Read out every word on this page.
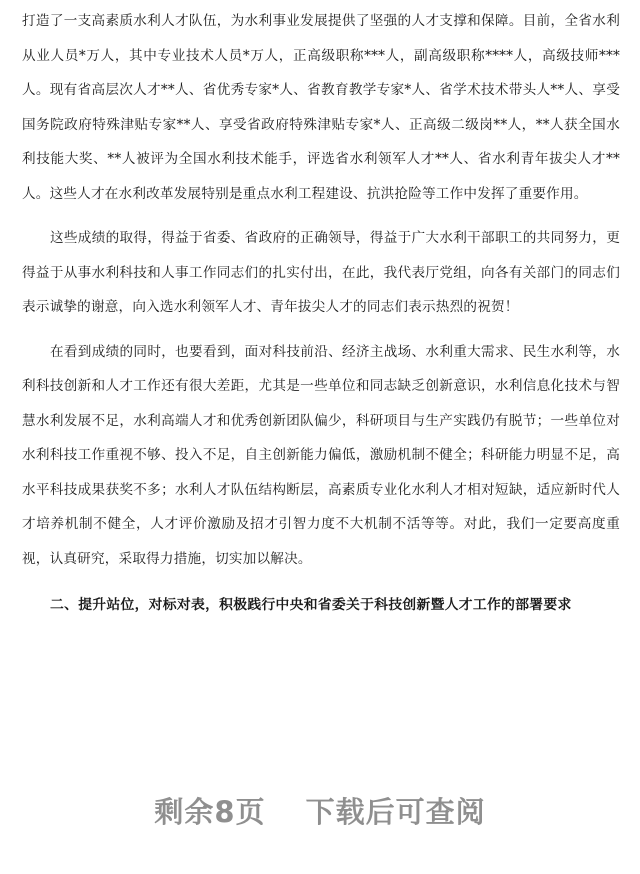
打造了一支高素质水利人才队伍，为水利事业发展提供了坚强的人才支撑和保障。目前，全省水利从业人员*万人，其中专业技术人员*万人，正高级职称***人，副高级职称****人，高级技师***人。现有省高层次人才**人、省优秀专家*人、省教育教学专家*人、省学术技术带头人**人、享受国务院政府特殊津贴专家**人、享受省政府特殊津贴专家*人、正高级二级岗**人，**人获全国水利技能大奖、**人被评为全国水利技术能手，评选省水利领军人才**人、省水利青年拔尖人才**人。这些人才在水利改革发展特别是重点水利工程建设、抗洪抢险等工作中发挥了重要作用。

这些成绩的取得，得益于省委、省政府的正确领导，得益于广大水利干部职工的共同努力，更得益于从事水利科技和人事工作同志们的扎实付出，在此，我代表厅党组，向各有关部门的同志们表示诚挚的谢意，向入选水利领军人才、青年拔尖人才的同志们表示热烈的祝贺！

在看到成绩的同时，也要看到，面对科技前沿、经济主战场、水利重大需求、民生水利等，水利科技创新和人才工作还有很大差距，尤其是一些单位和同志缺乏创新意识，水利信息化技术与智慧水利发展不足，水利高端人才和优秀创新团队偏少，科研项目与生产实践仍有脱节；一些单位对水利科技工作重视不够、投入不足，自主创新能力偏低，激励机制不健全；科研能力明显不足，高水平科技成果获奖不多；水利人才队伍结构断层，高素质专业化水利人才相对短缺，适应新时代人才培养机制不健全，人才评价激励及招才引智力度不大机制不活等等。对此，我们一定要高度重视，认真研究，采取得力措施，切实加以解决。

二、提升站位，对标对表，积极践行中央和省委关于科技创新暨人才工作的部署要求

剩余8页 下载后可查阅
